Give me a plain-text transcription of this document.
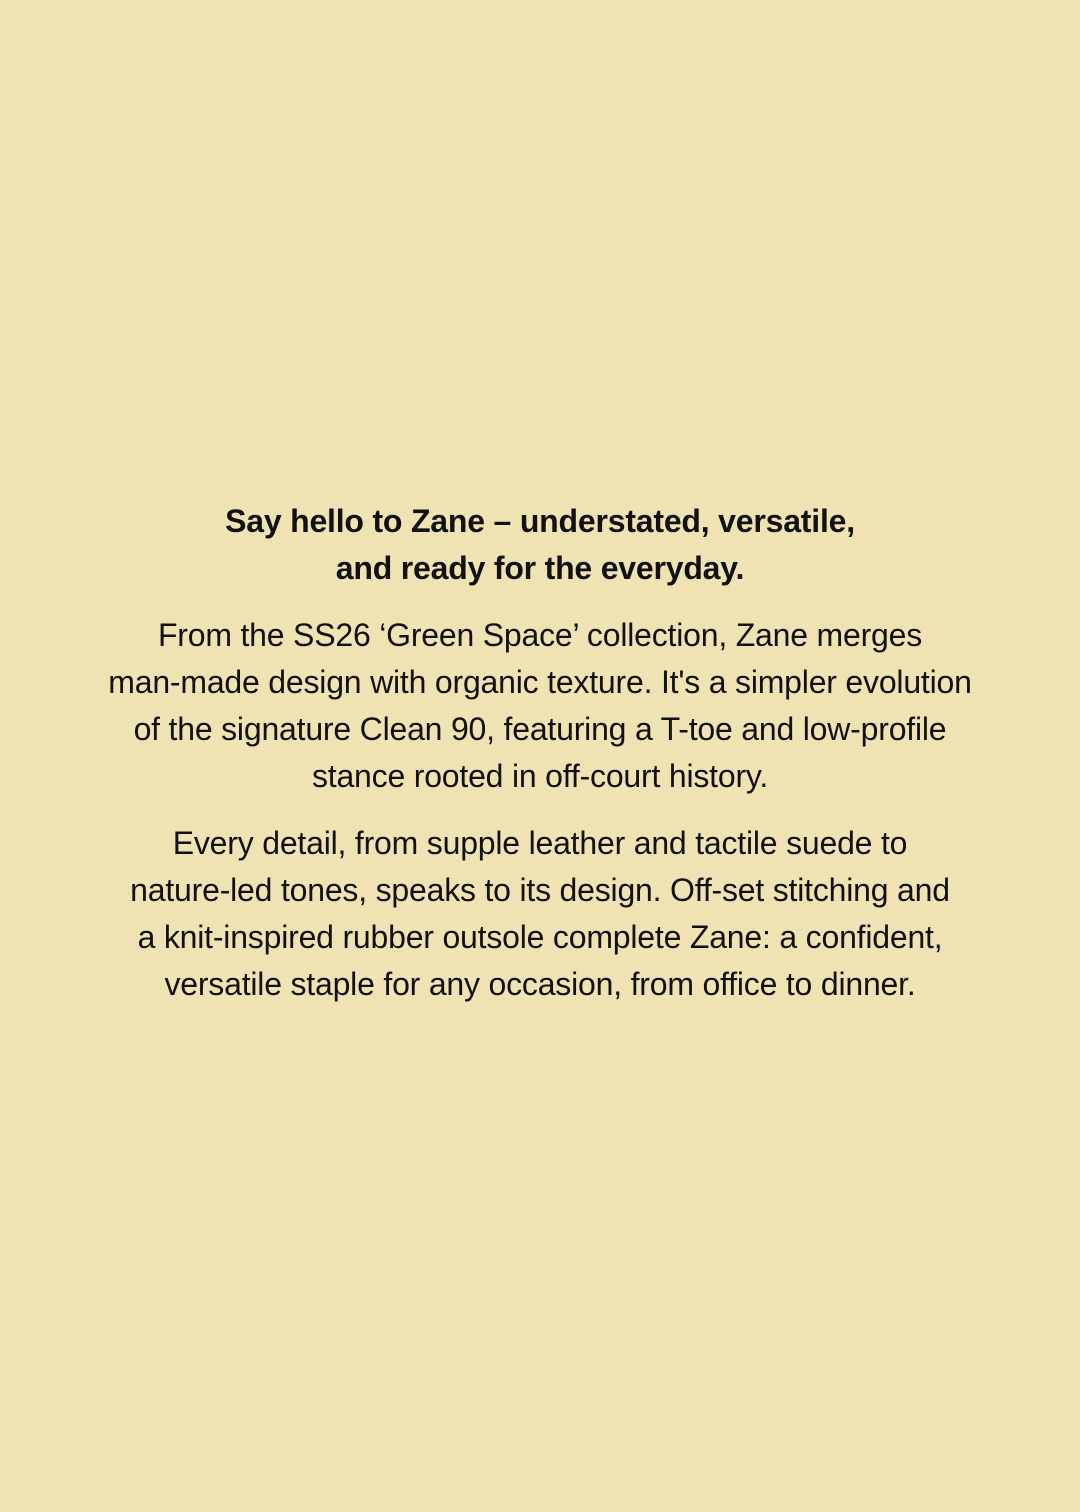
Say hello to Zane – understated, versatile,
and ready for the everyday.

From the SS26 ‘Green Space’ collection, Zane merges
man-made design with organic texture. It's a simpler evolution
of the signature Clean 90, featuring a T-toe and low-profile
stance rooted in off-court history.

Every detail, from supple leather and tactile suede to
nature-led tones, speaks to its design. Off-set stitching and
a knit-inspired rubber outsole complete Zane: a confident,
versatile staple for any occasion, from office to dinner.
